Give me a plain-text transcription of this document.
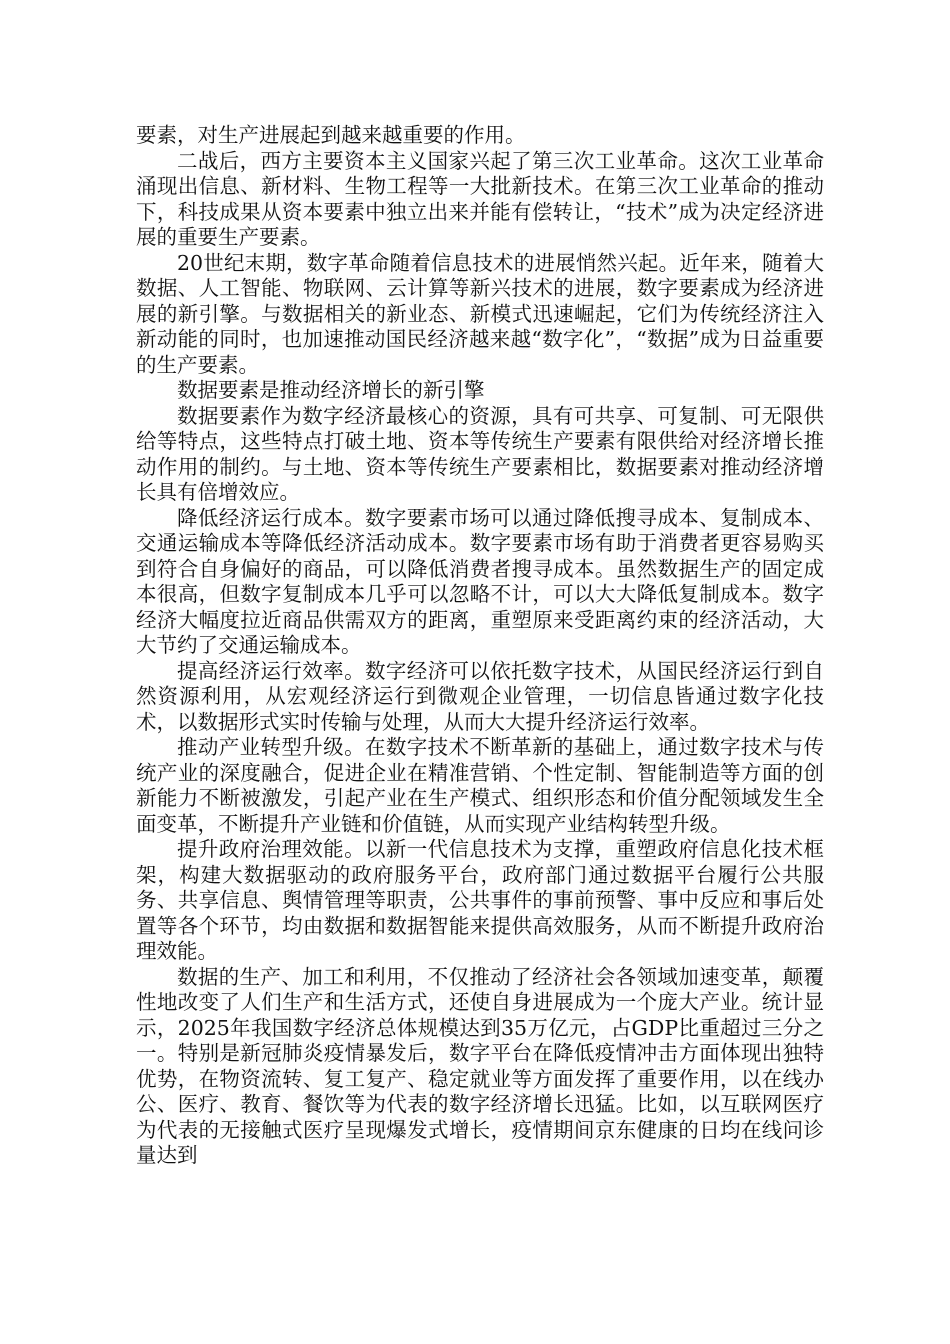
要素，对生产进展起到越来越重要的作用。

二战后，西方主要资本主义国家兴起了第三次工业革命。这次工业革命涌现出信息、新材料、生物工程等一大批新技术。在第三次工业革命的推动下，科技成果从资本要素中独立出来并能有偿转让，“技术”成为决定经济进展的重要生产要素。

20世纪末期，数字革命随着信息技术的进展悄然兴起。近年来，随着大数据、人工智能、物联网、云计算等新兴技术的进展，数字要素成为经济进展的新引擎。与数据相关的新业态、新模式迅速崛起，它们为传统经济注入新动能的同时，也加速推动国民经济越来越“数字化”，“数据”成为日益重要的生产要素。

数据要素是推动经济增长的新引擎

数据要素作为数字经济最核心的资源，具有可共享、可复制、可无限供给等特点，这些特点打破土地、资本等传统生产要素有限供给对经济增长推动作用的制约。与土地、资本等传统生产要素相比，数据要素对推动经济增长具有倍增效应。

降低经济运行成本。数字要素市场可以通过降低搜寻成本、复制成本、交通运输成本等降低经济活动成本。数字要素市场有助于消费者更容易购买到符合自身偏好的商品，可以降低消费者搜寻成本。虽然数据生产的固定成本很高，但数字复制成本几乎可以忽略不计，可以大大降低复制成本。数字经济大幅度拉近商品供需双方的距离，重塑原来受距离约束的经济活动，大大节约了交通运输成本。

提高经济运行效率。数字经济可以依托数字技术，从国民经济运行到自然资源利用，从宏观经济运行到微观企业管理，一切信息皆通过数字化技术，以数据形式实时传输与处理，从而大大提升经济运行效率。

推动产业转型升级。在数字技术不断革新的基础上，通过数字技术与传统产业的深度融合，促进企业在精准营销、个性定制、智能制造等方面的创新能力不断被激发，引起产业在生产模式、组织形态和价值分配领域发生全面变革，不断提升产业链和价值链，从而实现产业结构转型升级。

提升政府治理效能。以新一代信息技术为支撑，重塑政府信息化技术框架，构建大数据驱动的政府服务平台，政府部门通过数据平台履行公共服务、共享信息、舆情管理等职责，公共事件的事前预警、事中反应和事后处置等各个环节，均由数据和数据智能来提供高效服务，从而不断提升政府治理效能。

数据的生产、加工和利用，不仅推动了经济社会各领域加速变革，颠覆性地改变了人们生产和生活方式，还使自身进展成为一个庞大产业。统计显示，2025年我国数字经济总体规模达到35万亿元，占GDP比重超过三分之一。特别是新冠肺炎疫情暴发后，数字平台在降低疫情冲击方面体现出独特优势，在物资流转、复工复产、稳定就业等方面发挥了重要作用，以在线办公、医疗、教育、餐饮等为代表的数字经济增长迅猛。比如，以互联网医疗为代表的无接触式医疗呈现爆发式增长，疫情期间京东健康的日均在线问诊量达到
